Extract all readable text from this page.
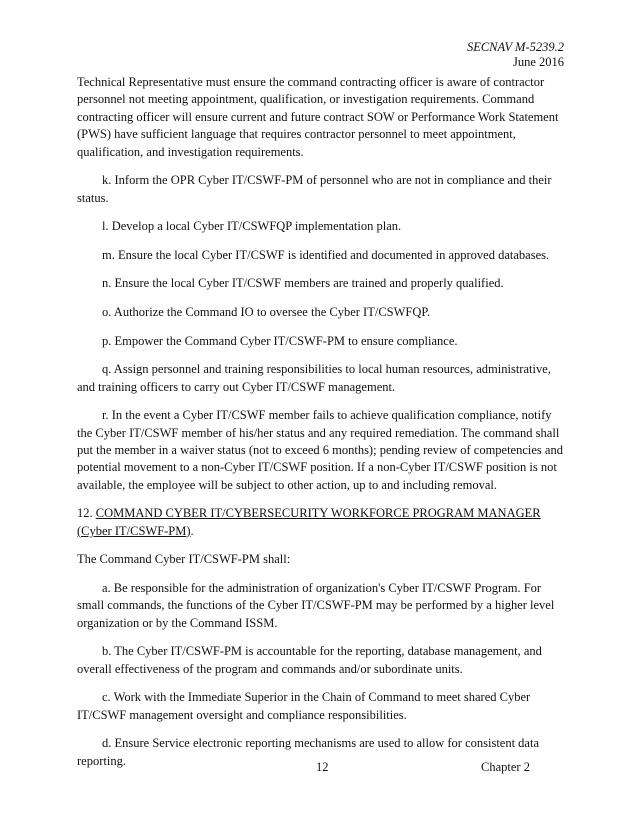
SECNAV M-5239.2
June 2016

Technical Representative must ensure the command contracting officer is aware of contractor personnel not meeting appointment, qualification, or investigation requirements. Command contracting officer will ensure current and future contract SOW or Performance Work Statement (PWS) have sufficient language that requires contractor personnel to meet appointment, qualification, and investigation requirements.

k. Inform the OPR Cyber IT/CSWF-PM of personnel who are not in compliance and their status.

l. Develop a local Cyber IT/CSWFQP implementation plan.

m. Ensure the local Cyber IT/CSWF is identified and documented in approved databases.

n. Ensure the local Cyber IT/CSWF members are trained and properly qualified.

o. Authorize the Command IO to oversee the Cyber IT/CSWFQP.

p. Empower the Command Cyber IT/CSWF-PM to ensure compliance.

q. Assign personnel and training responsibilities to local human resources, administrative, and training officers to carry out Cyber IT/CSWF management.

r. In the event a Cyber IT/CSWF member fails to achieve qualification compliance, notify the Cyber IT/CSWF member of his/her status and any required remediation. The command shall put the member in a waiver status (not to exceed 6 months); pending review of competencies and potential movement to a non-Cyber IT/CSWF position. If a non-Cyber IT/CSWF position is not available, the employee will be subject to other action, up to and including removal.

12. COMMAND CYBER IT/CYBERSECURITY WORKFORCE PROGRAM MANAGER (Cyber IT/CSWF-PM).

The Command Cyber IT/CSWF-PM shall:

a. Be responsible for the administration of organization's Cyber IT/CSWF Program. For small commands, the functions of the Cyber IT/CSWF-PM may be performed by a higher level organization or by the Command ISSM.

b. The Cyber IT/CSWF-PM is accountable for the reporting, database management, and overall effectiveness of the program and commands and/or subordinate units.

c. Work with the Immediate Superior in the Chain of Command to meet shared Cyber IT/CSWF management oversight and compliance responsibilities.

d. Ensure Service electronic reporting mechanisms are used to allow for consistent data reporting.	12	Chapter 2
